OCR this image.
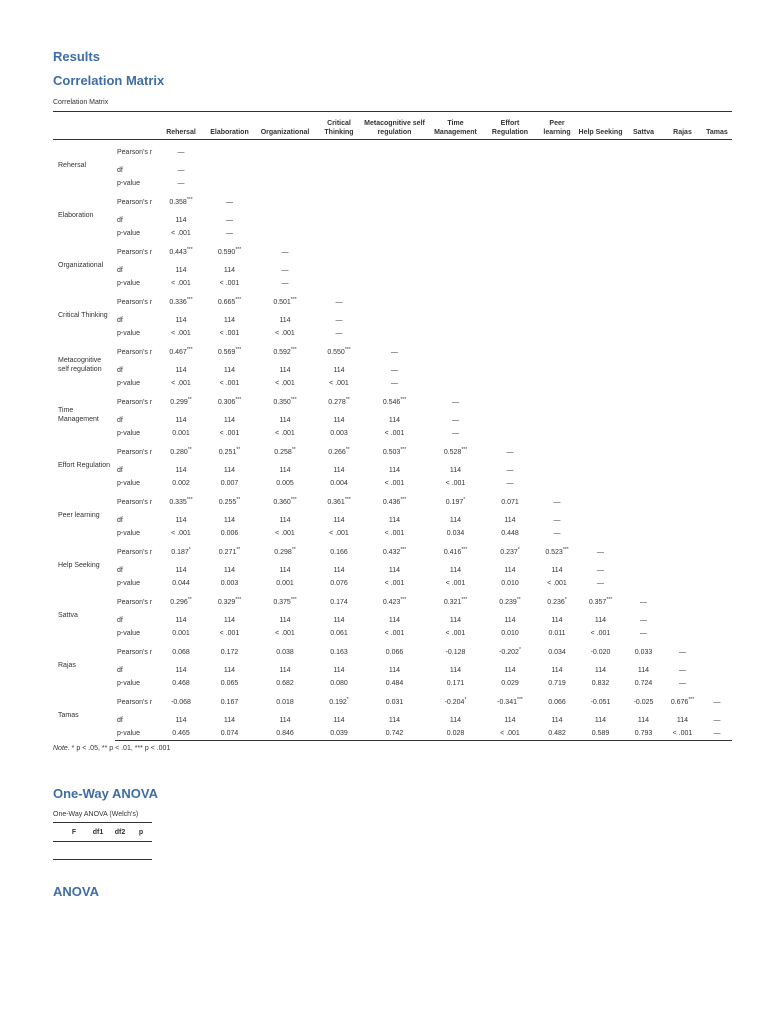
Results
Correlation Matrix
Correlation Matrix
		Rehersal	Elaboration	Organizational	Critical Thinking	Metacognitive self regulation	Time Management	Effort Regulation	Peer learning	Help Seeking	Sattva	Rajas	Tamas
Rehersal	Pearson's r	—											
	df	—											
	p-value	—											
Elaboration	Pearson's r	0.358***	—										
	df	114	—										
	p-value	< .001	—										
Organizational	Pearson's r	0.443***	0.590***	—									
	df	114	114	—									
	p-value	< .001	< .001	—									
Critical Thinking	Pearson's r	0.336***	0.665***	0.501***	—								
	df	114	114	114	—								
	p-value	< .001	< .001	< .001	—								
Metacognitive self regulation	Pearson's r	0.467***	0.569***	0.592***	0.550***	—							
	df	114	114	114	114	—							
	p-value	< .001	< .001	< .001	< .001	—							
Time Management	Pearson's r	0.299**	0.306***	0.350***	0.278**	0.546***	—						
	df	114	114	114	114	114	—						
	p-value	0.001	< .001	< .001	0.003	< .001	—						
Effort Regulation	Pearson's r	0.280**	0.251**	0.258**	0.266**	0.503***	0.528***	—					
	df	114	114	114	114	114	114	—					
	p-value	0.002	0.007	0.005	0.004	< .001	< .001	—					
Peer learning	Pearson's r	0.335***	0.255**	0.360***	0.361***	0.436***	0.197*	0.071	—				
	df	114	114	114	114	114	114	114	—				
	p-value	< .001	0.006	< .001	< .001	< .001	0.034	0.448	—				
Help Seeking	Pearson's r	0.187*	0.271**	0.298**	0.166	0.432***	0.416***	0.237*	0.523***	—			
	df	114	114	114	114	114	114	114	114	—			
	p-value	0.044	0.003	0.001	0.076	< .001	< .001	0.010	< .001	—			
Sattva	Pearson's r	0.296**	0.329***	0.375***	0.174	0.423***	0.321***	0.239**	0.236*	0.357***	—		
	df	114	114	114	114	114	114	114	114	114	—		
	p-value	0.001	< .001	< .001	0.061	< .001	< .001	0.010	0.011	< .001	—		
Rajas	Pearson's r	0.068	0.172	0.038	0.163	0.066	-0.128	-0.202*	0.034	-0.020	0.033	—	
	df	114	114	114	114	114	114	114	114	114	114	—	
	p-value	0.468	0.065	0.682	0.080	0.484	0.171	0.029	0.719	0.832	0.724	—	
Tamas	Pearson's r	-0.068	0.167	0.018	0.192*	0.031	-0.204*	-0.341***	0.066	-0.051	-0.025	0.676***	—
	df	114	114	114	114	114	114	114	114	114	114	114	—
	p-value	0.465	0.074	0.846	0.039	0.742	0.028	< .001	0.482	0.589	0.793	< .001	—
Note. * p < .05, ** p < .01, *** p < .001
One-Way ANOVA
One-Way ANOVA (Welch's)
F	df1	df2	p
ANOVA
